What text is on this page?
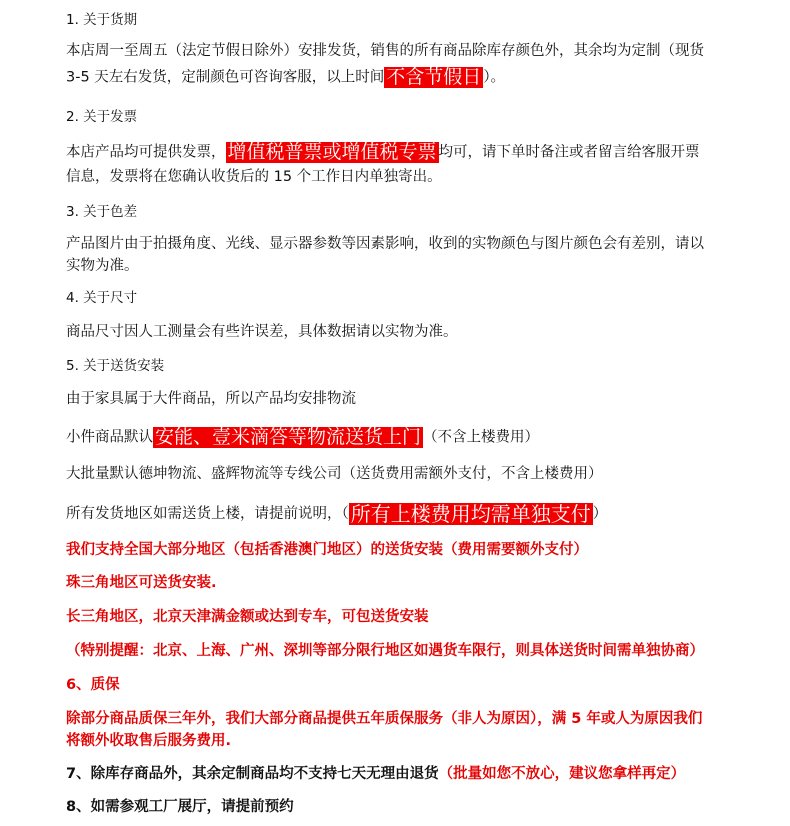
1. 关于货期
本店周一至周五（法定节假日除外）安排发货，销售的所有商品除库存颜色外，其余均为定制（现货
3-5 天左右发货，定制颜色可咨询客服，以上时间 不含节假日 ）。
2. 关于发票
本店产品均可提供发票， 增值税普票或增值税专票 均可，请下单时备注或者留言给客服开票
信息，发票将在您确认收货后的 15 个工作日内单独寄出。
3. 关于色差
产品图片由于拍摄角度、光线、显示器参数等因素影响，收到的实物颜色与图片颜色会有差别，请以
实物为准。
4. 关于尺寸
商品尺寸因人工测量会有些许误差，具体数据请以实物为准。
5. 关于送货安装
由于家具属于大件商品，所以产品均安排物流
小件商品默认 安能、壹米滴答等物流送货上门 （不含上楼费用）
大批量默认德坤物流、盛辉物流等专线公司（送货费用需额外支付，不含上楼费用）
所有发货地区如需送货上楼，请提前说明，（ 所有上楼费用均需单独支付 ）
我们支持全国大部分地区（包括香港澳门地区）的送货安装（费用需要额外支付）
珠三角地区可送货安装.
长三角地区，北京天津满金额或达到专车，可包送货安装
（特别提醒：北京、上海、广州、深圳等部分限行地区如遇货车限行，则具体送货时间需单独协商）
6、质保
除部分商品质保三年外，我们大部分商品提供五年质保服务（非人为原因），满 5 年或人为原因我们
将额外收取售后服务费用.
7、除库存商品外，其余定制商品均不支持七天无理由退货（批量如您不放心，建议您拿样再定）
8、如需参观工厂展厅，请提前预约
